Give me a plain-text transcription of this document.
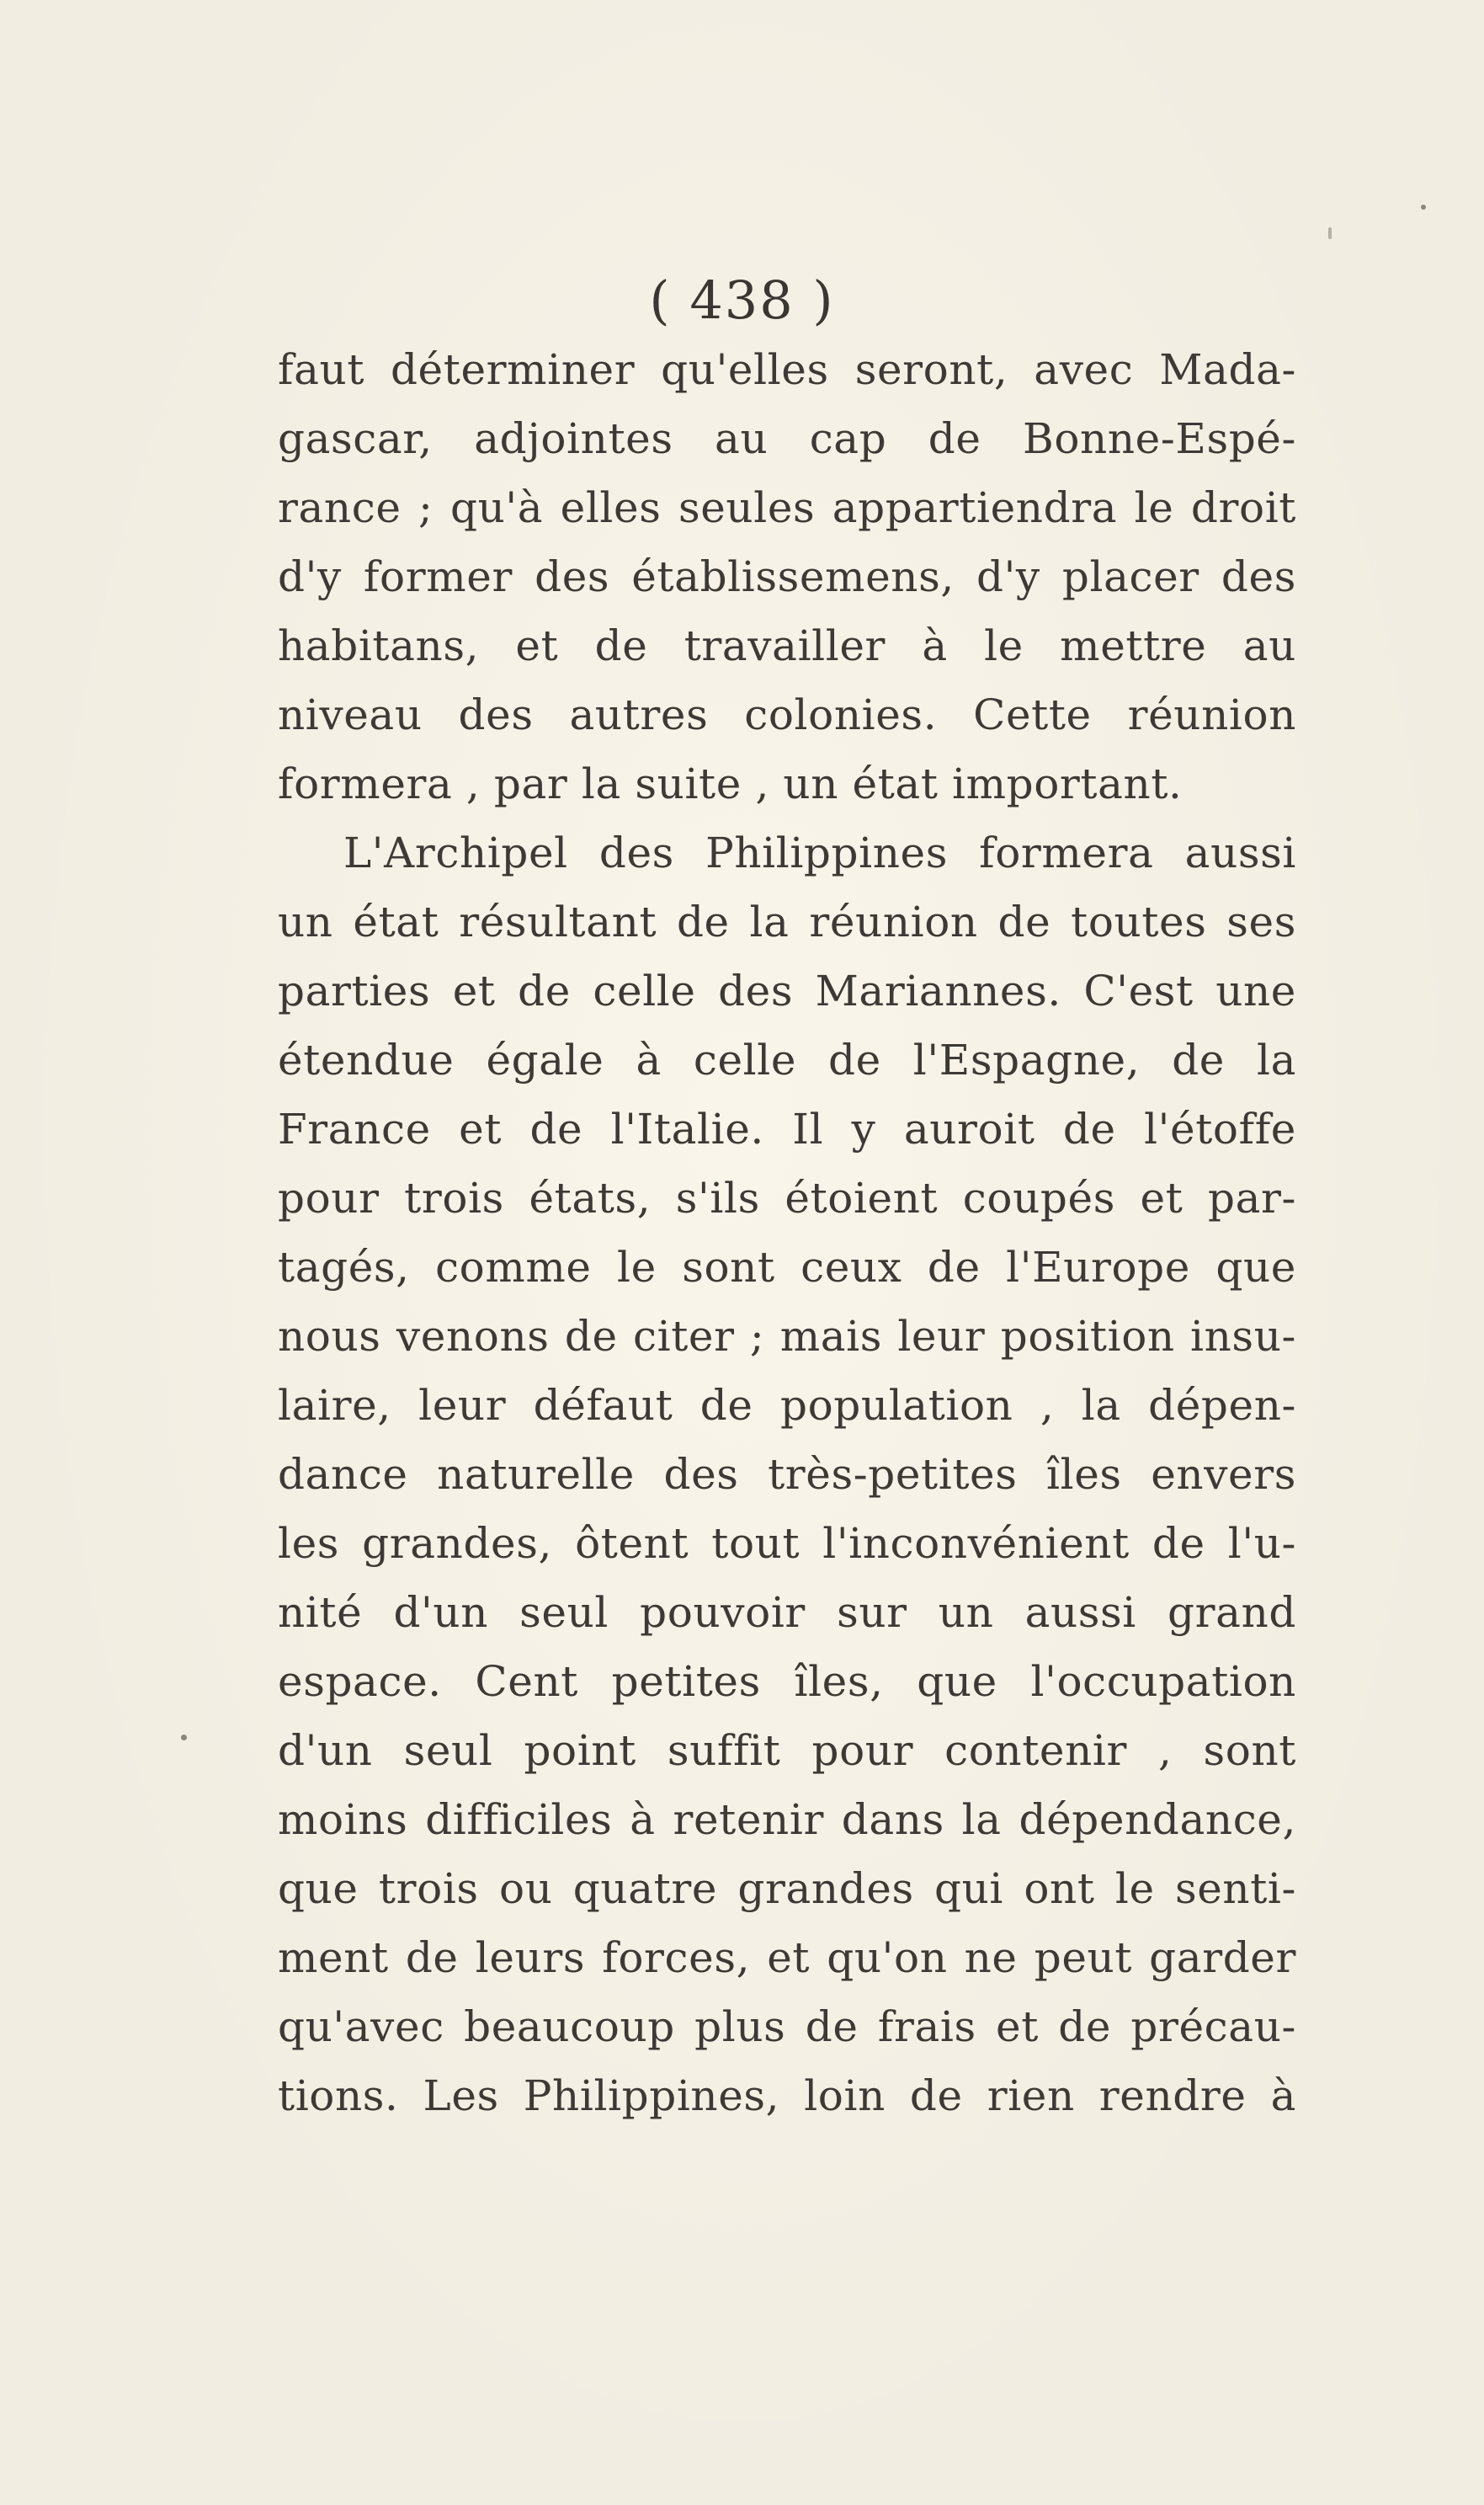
( 438 )
faut déterminer qu'elles seront, avec Mada-
gascar, adjointes au cap de Bonne-Espé-
rance ; qu'à elles seules appartiendra le droit
d'y former des établissemens, d'y placer des
habitans, et de travailler à le mettre au
niveau des autres colonies. Cette réunion
formera , par la suite , un état important.
L'Archipel des Philippines formera aussi
un état résultant de la réunion de toutes ses
parties et de celle des Mariannes. C'est une
étendue égale à celle de l'Espagne, de la
France et de l'Italie. Il y auroit de l'étoffe
pour trois états, s'ils étoient coupés et par-
tagés, comme le sont ceux de l'Europe que
nous venons de citer ; mais leur position insu-
laire, leur défaut de population , la dépen-
dance naturelle des très-petites îles envers
les grandes, ôtent tout l'inconvénient de l'u-
nité d'un seul pouvoir sur un aussi grand
espace. Cent petites îles, que l'occupation
d'un seul point suffit pour contenir , sont
moins difficiles à retenir dans la dépendance,
que trois ou quatre grandes qui ont le senti-
ment de leurs forces, et qu'on ne peut garder
qu'avec beaucoup plus de frais et de précau-
tions. Les Philippines, loin de rien rendre à
